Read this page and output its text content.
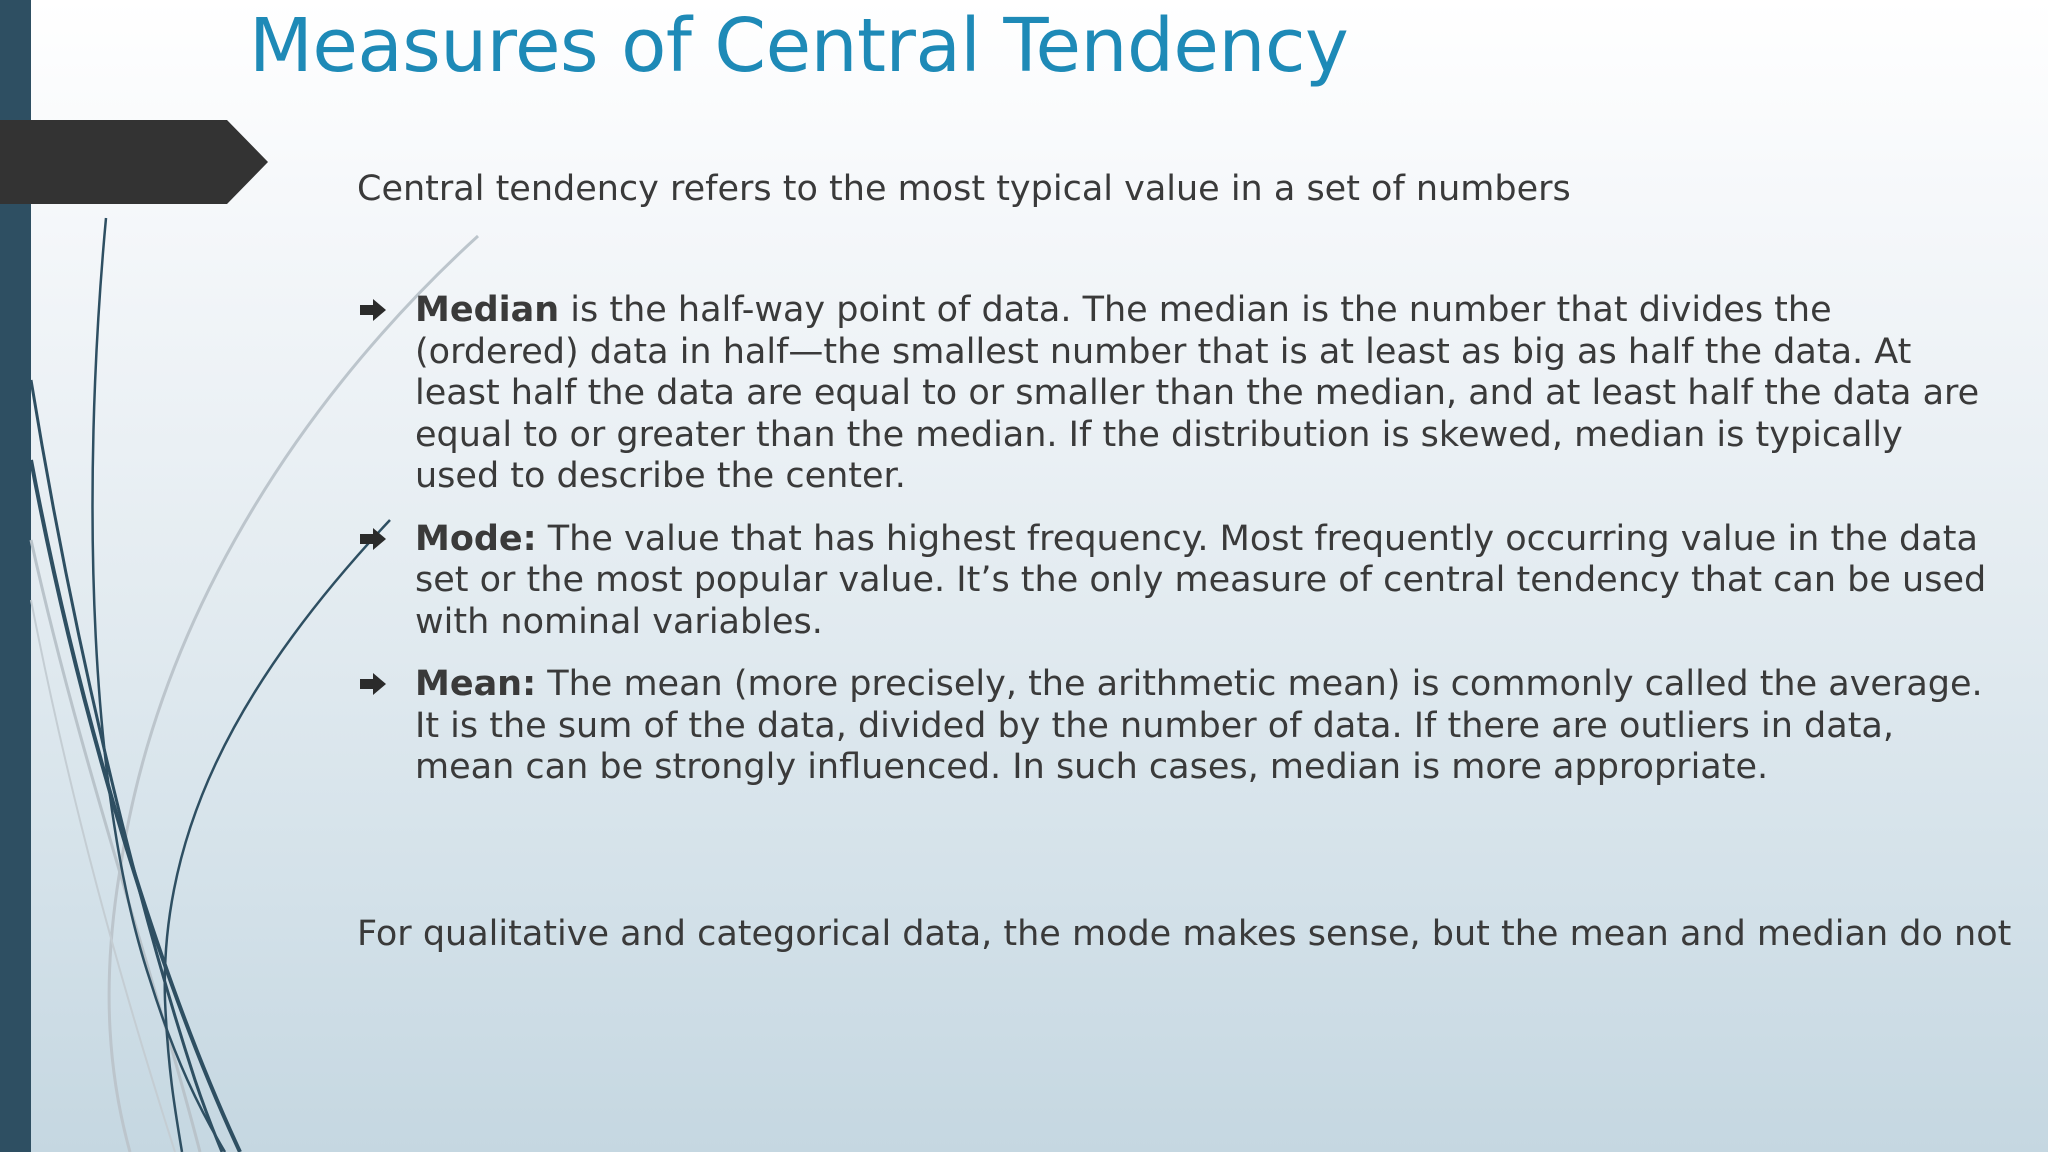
Measures of Central Tendency
Central tendency refers to the most typical value in a set of numbers
Median is the half-way point of data. The median is the number that divides the (ordered) data in half—the smallest number that is at least as big as half the data. At least half the data are equal to or smaller than the median, and at least half the data are equal to or greater than the median. If the distribution is skewed, median is typically used to describe the center.
Mode: The value that has highest frequency. Most frequently occurring value in the data set or the most popular value. It’s the only measure of central tendency that can be used with nominal variables.
Mean: The mean (more precisely, the arithmetic mean) is commonly called the average. It is the sum of the data, divided by the number of data. If there are outliers in data, mean can be strongly influenced. In such cases, median is more appropriate.
For qualitative and categorical data, the mode makes sense, but the mean and median do not
